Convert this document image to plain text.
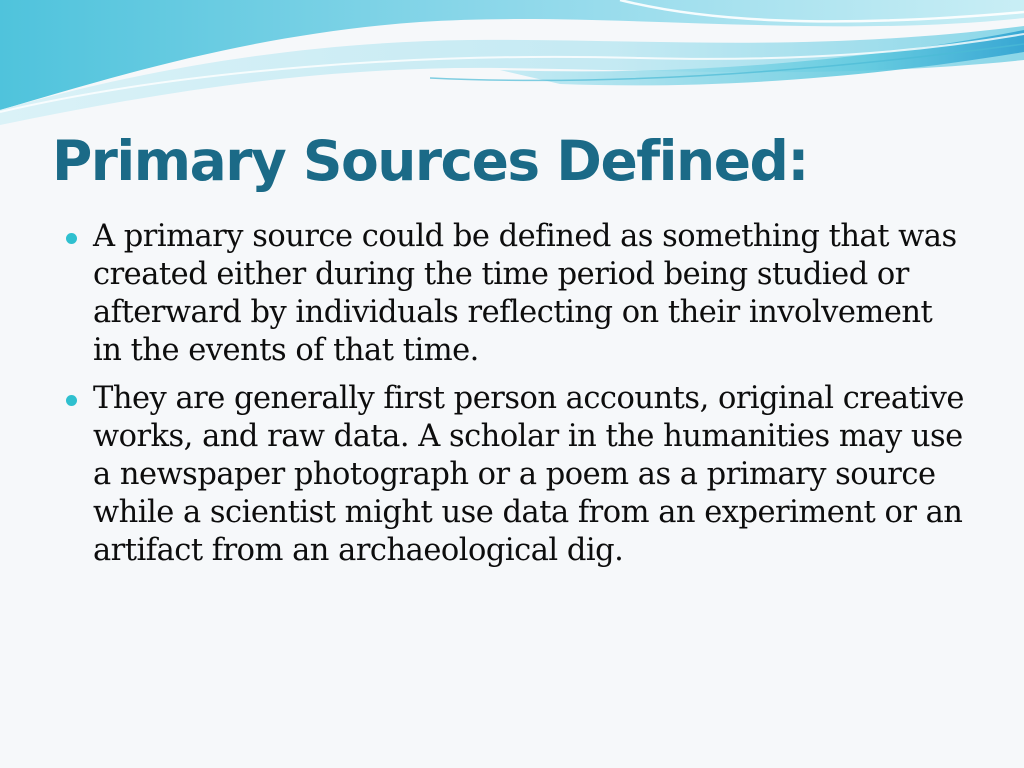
Primary Sources Defined:
A primary source could be defined as something that was created either during the time period being studied or afterward by individuals reflecting on their involvement in the events of that time.
They are generally first person accounts, original creative works, and raw data. A scholar in the humanities may use a newspaper photograph or a poem as a primary source while a scientist might use data from an experiment or an artifact from an archaeological dig.
